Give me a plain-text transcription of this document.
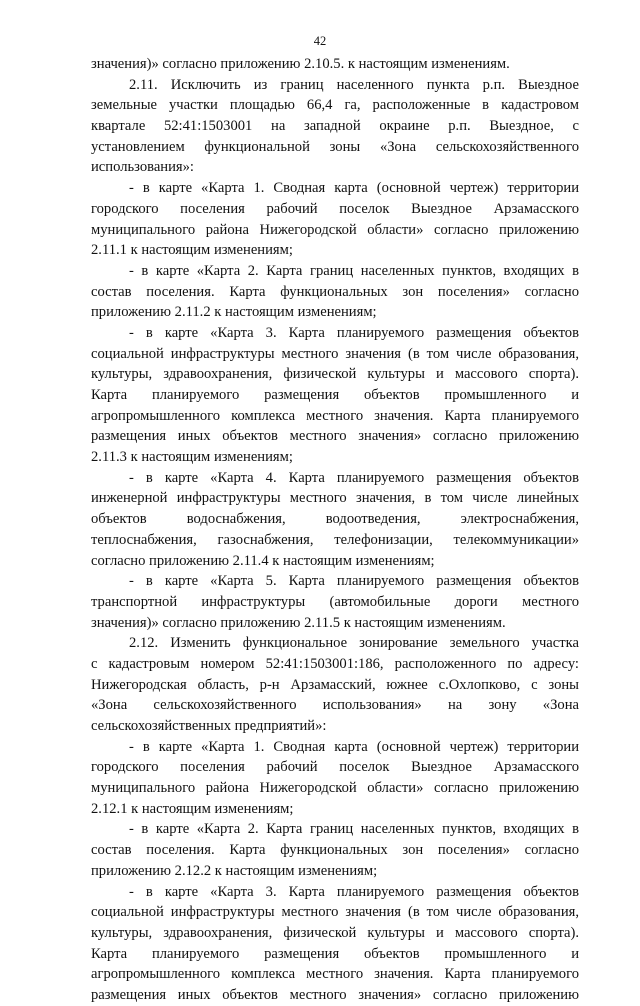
42
значения)» согласно приложению 2.10.5. к настоящим изменениям.
2.11. Исключить из границ населенного пункта р.п. Выездное
земельные участки площадью 66,4 га, расположенные в кадастровом
квартале 52:41:1503001 на западной окраине р.п. Выездное, с
установлением функциональной зоны «Зона сельскохозяйственного
использования»:
- в карте «Карта 1. Сводная карта (основной чертеж) территории
городского поселения рабочий поселок Выездное Арзамасского
муниципального района Нижегородской области» согласно приложению
2.11.1 к настоящим изменениям;
- в карте «Карта 2. Карта границ населенных пунктов, входящих в
состав поселения. Карта функциональных зон поселения» согласно
приложению 2.11.2 к настоящим изменениям;
- в карте «Карта 3. Карта планируемого размещения объектов
социальной инфраструктуры местного значения (в том числе образования,
культуры, здравоохранения, физической культуры и массового спорта).
Карта планируемого размещения объектов промышленного и
агропромышленного комплекса местного значения. Карта планируемого
размещения иных объектов местного значения» согласно приложению
2.11.3 к настоящим изменениям;
- в карте «Карта 4. Карта планируемого размещения объектов
инженерной инфраструктуры местного значения, в том числе линейных
объектов водоснабжения, водоотведения, электроснабжения,
теплоснабжения, газоснабжения, телефонизации, телекоммуникации»
согласно приложению 2.11.4 к настоящим изменениям;
- в карте «Карта 5. Карта планируемого размещения объектов
транспортной инфраструктуры (автомобильные дороги местного
значения)» согласно приложению 2.11.5 к настоящим изменениям.
2.12. Изменить функциональное зонирование земельного участка
с кадастровым номером 52:41:1503001:186, расположенного по адресу:
Нижегородская область, р-н Арзамасский, южнее с.Охлопково, с зоны
«Зона сельскохозяйственного использования» на зону «Зона
сельскохозяйственных предприятий»:
- в карте «Карта 1. Сводная карта (основной чертеж) территории
городского поселения рабочий поселок Выездное Арзамасского
муниципального района Нижегородской области» согласно приложению
2.12.1 к настоящим изменениям;
- в карте «Карта 2. Карта границ населенных пунктов, входящих в
состав поселения. Карта функциональных зон поселения» согласно
приложению 2.12.2 к настоящим изменениям;
- в карте «Карта 3. Карта планируемого размещения объектов
социальной инфраструктуры местного значения (в том числе образования,
культуры, здравоохранения, физической культуры и массового спорта).
Карта планируемого размещения объектов промышленного и
агропромышленного комплекса местного значения. Карта планируемого
размещения иных объектов местного значения» согласно приложению
